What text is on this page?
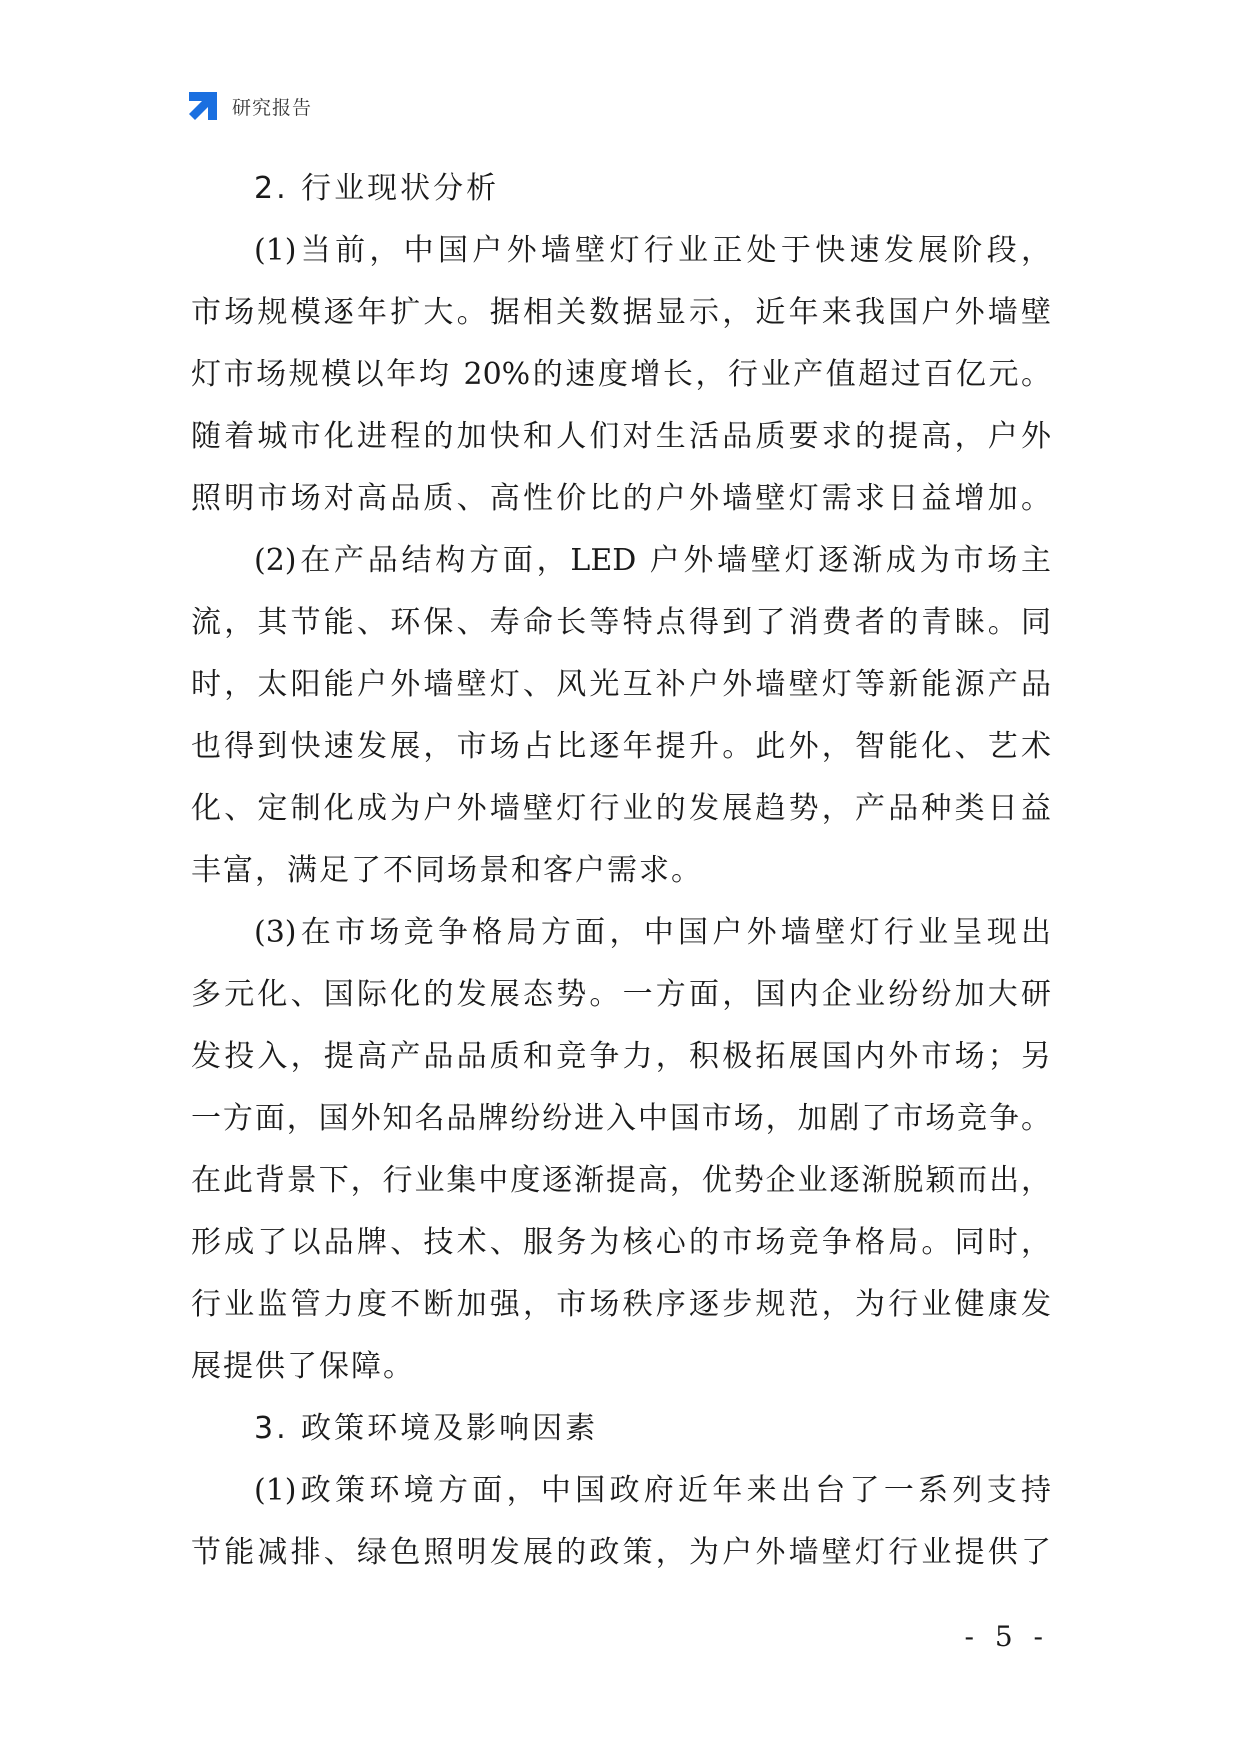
研究报告
2. 行业现状分析
(1)当前，中国户外墙壁灯行业正处于快速发展阶段，
市场规模逐年扩大。据相关数据显示，近年来我国户外墙壁
灯市场规模以年均 20%的速度增长，行业产值超过百亿元。
随着城市化进程的加快和人们对生活品质要求的提高，户外
照明市场对高品质、高性价比的户外墙壁灯需求日益增加。
(2)在产品结构方面，LED 户外墙壁灯逐渐成为市场主
流，其节能、环保、寿命长等特点得到了消费者的青睐。同
时，太阳能户外墙壁灯、风光互补户外墙壁灯等新能源产品
也得到快速发展，市场占比逐年提升。此外，智能化、艺术
化、定制化成为户外墙壁灯行业的发展趋势，产品种类日益
丰富，满足了不同场景和客户需求。
(3)在市场竞争格局方面，中国户外墙壁灯行业呈现出
多元化、国际化的发展态势。一方面，国内企业纷纷加大研
发投入，提高产品品质和竞争力，积极拓展国内外市场；另
一方面，国外知名品牌纷纷进入中国市场，加剧了市场竞争。
在此背景下，行业集中度逐渐提高，优势企业逐渐脱颖而出，
形成了以品牌、技术、服务为核心的市场竞争格局。同时，
行业监管力度不断加强，市场秩序逐步规范，为行业健康发
展提供了保障。
3. 政策环境及影响因素
(1)政策环境方面，中国政府近年来出台了一系列支持
节能减排、绿色照明发展的政策，为户外墙壁灯行业提供了
- 5 -
